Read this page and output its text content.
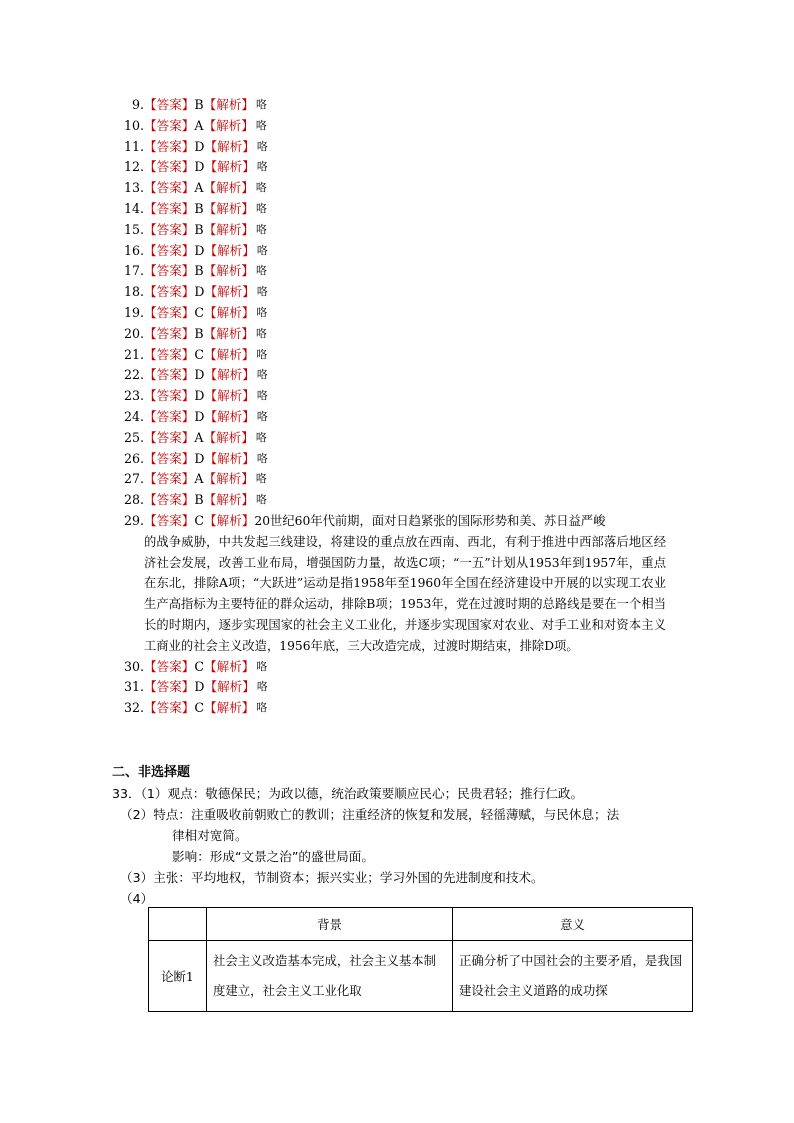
9. 【答案】 B 【解析】 咯
10. 【答案】 A 【解析】 咯
11. 【答案】 D 【解析】 咯
12. 【答案】 D 【解析】 咯
13. 【答案】 A 【解析】 咯
14. 【答案】 B 【解析】 咯
15. 【答案】 B 【解析】 咯
16. 【答案】 D 【解析】 咯
17. 【答案】 B 【解析】 咯
18. 【答案】 D 【解析】 咯
19. 【答案】 C 【解析】 咯
20. 【答案】 B 【解析】 咯
21. 【答案】 C 【解析】 咯
22. 【答案】 D 【解析】 咯
23. 【答案】 D 【解析】 咯
24. 【答案】 D 【解析】 咯
25. 【答案】 A 【解析】 咯
26. 【答案】 D 【解析】 咯
27. 【答案】 A 【解析】 咯
28. 【答案】 B 【解析】 咯
29. 【答案】 C 【解析】 20世纪60年代前期，面对日趋紧张的国际形势和美、苏日益严峻
的战争威胁，中共发起三线建设，将建设的重点放在西南、西北，有利于推进中西部落后地区经济社会发展，改善工业布局，增强国防力量，故选C项；“一五”计划从1953年到1957年，重点在东北，排除A项；“大跃进”运动是指1958年至1960年全国在经济建设中开展的以实现工农业生产高指标为主要特征的群众运动，排除B项；1953年，党在过渡时期的总路线是要在一个相当长的时期内，逐步实现国家的社会主义工业化，并逐步实现国家对农业、对手工业和对资本主义工商业的社会主义改造，1956年底，三大改造完成，过渡时期结束，排除D项。
30. 【答案】 C 【解析】 咯
31. 【答案】 D 【解析】 咯
32. 【答案】 C 【解析】 咯
二、非选择题
33．（1）观点：敬德保民；为政以德，统治政策要顺应民心；民贵君轻；推行仁政。
（2）特点：注重吸收前朝败亡的教训；注重经济的恢复和发展，轻徭薄赋，与民休息；法
律相对宽简。
影响：形成“文景之治”的盛世局面。
（3）主张：平均地权，节制资本；振兴实业；学习外国的先进制度和技术。
（4）
	背景	意义
论断1	社会主义改造基本完成，社会主义基本制度建立，社会主义工业化取	正确分析了中国社会的主要矛盾，是我国建设社会主义道路的成功探
